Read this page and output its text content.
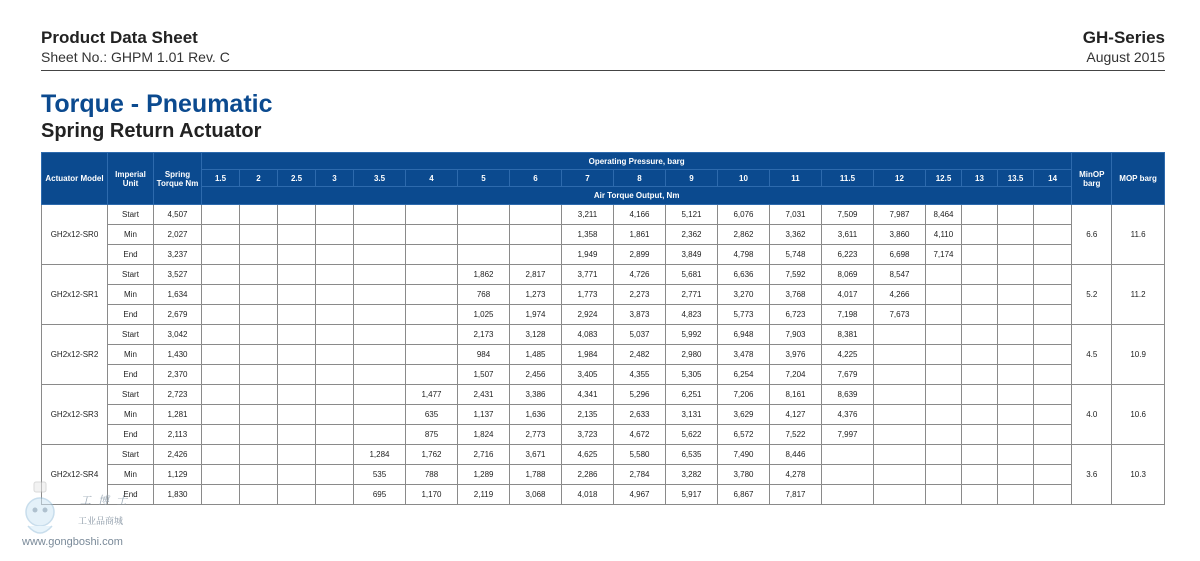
Product Data Sheet
Sheet No.: GHPM 1.01 Rev. C
GH-Series
August 2015
Torque - Pneumatic
Spring Return Actuator
Actuator Model	Imperial Unit	Spring Torque Nm	Operating Pressure, barg																			MinOP barg	MOP barg
			1.5	2	2.5	3	3.5	4	5	6	7	8	9	10	11	11.5	12	12.5	13	13.5	14		
			Air Torque Output, Nm																				
GH2x12-SR0	Start	4,507									3,211	4,166	5,121	6,076	7,031	7,509	7,987	8,464				6.6	11.6
	Min	2,027									1,358	1,861	2,362	2,862	3,362	3,611	3,860	4,110					
	End	3,237									1,949	2,899	3,849	4,798	5,748	6,223	6,698	7,174					
GH2x12-SR1	Start	3,527							1,862	2,817	3,771	4,726	5,681	6,636	7,592	8,069	8,547					5.2	11.2
	Min	1,634							768	1,273	1,773	2,273	2,771	3,270	3,768	4,017	4,266						
	End	2,679							1,025	1,974	2,924	3,873	4,823	5,773	6,723	7,198	7,673						
GH2x12-SR2	Start	3,042							2,173	3,128	4,083	5,037	5,992	6,948	7,903	8,381						4.5	10.9
	Min	1,430							984	1,485	1,984	2,482	2,980	3,478	3,976	4,225							
	End	2,370							1,507	2,456	3,405	4,355	5,305	6,254	7,204	7,679							
GH2x12-SR3	Start	2,723						1,477	2,431	3,386	4,341	5,296	6,251	7,206	8,161	8,639						4.0	10.6
	Min	1,281						635	1,137	1,636	2,135	2,633	3,131	3,629	4,127	4,376							
	End	2,113						875	1,824	2,773	3,723	4,672	5,622	6,572	7,522	7,997							
GH2x12-SR4	Start	2,426					1,284	1,762	2,716	3,671	4,625	5,580	6,535	7,490	8,446							3.6	10.3
	Min	1,129					535	788	1,289	1,788	2,286	2,784	3,282	3,780	4,278								
	End	1,830					695	1,170	2,119	3,068	4,018	4,967	5,917	6,867	7,817								
工业品商城
工 博 士
www.gongboshi.com
